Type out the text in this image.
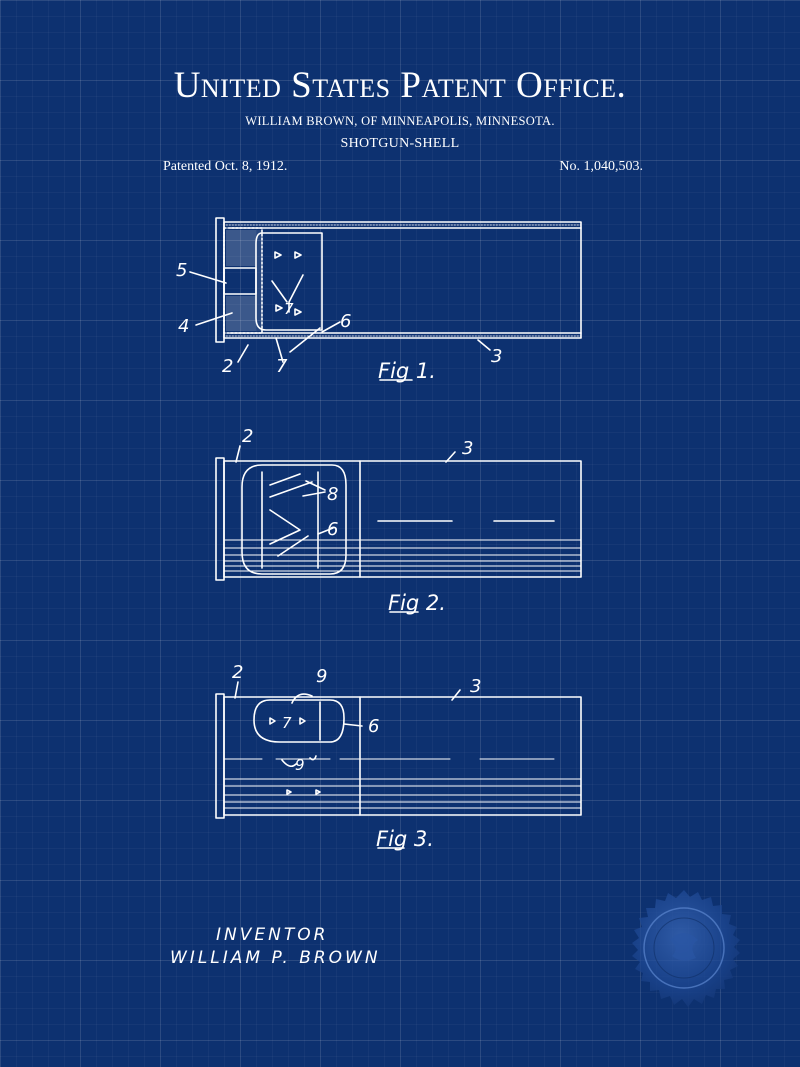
United States Patent Office.
WILLIAM BROWN, OF MINNEAPOLIS, MINNESOTA.
SHOTGUN-SHELL
Patented Oct. 8, 1912.	No. 1,040,503.
5
4
7
6
2 7	3
Fig 1.
2
3
8
6
Fig 2.
2	9	3
7	6
9
Fig 3.
INVENTOR
WILLIAM P. BROWN
